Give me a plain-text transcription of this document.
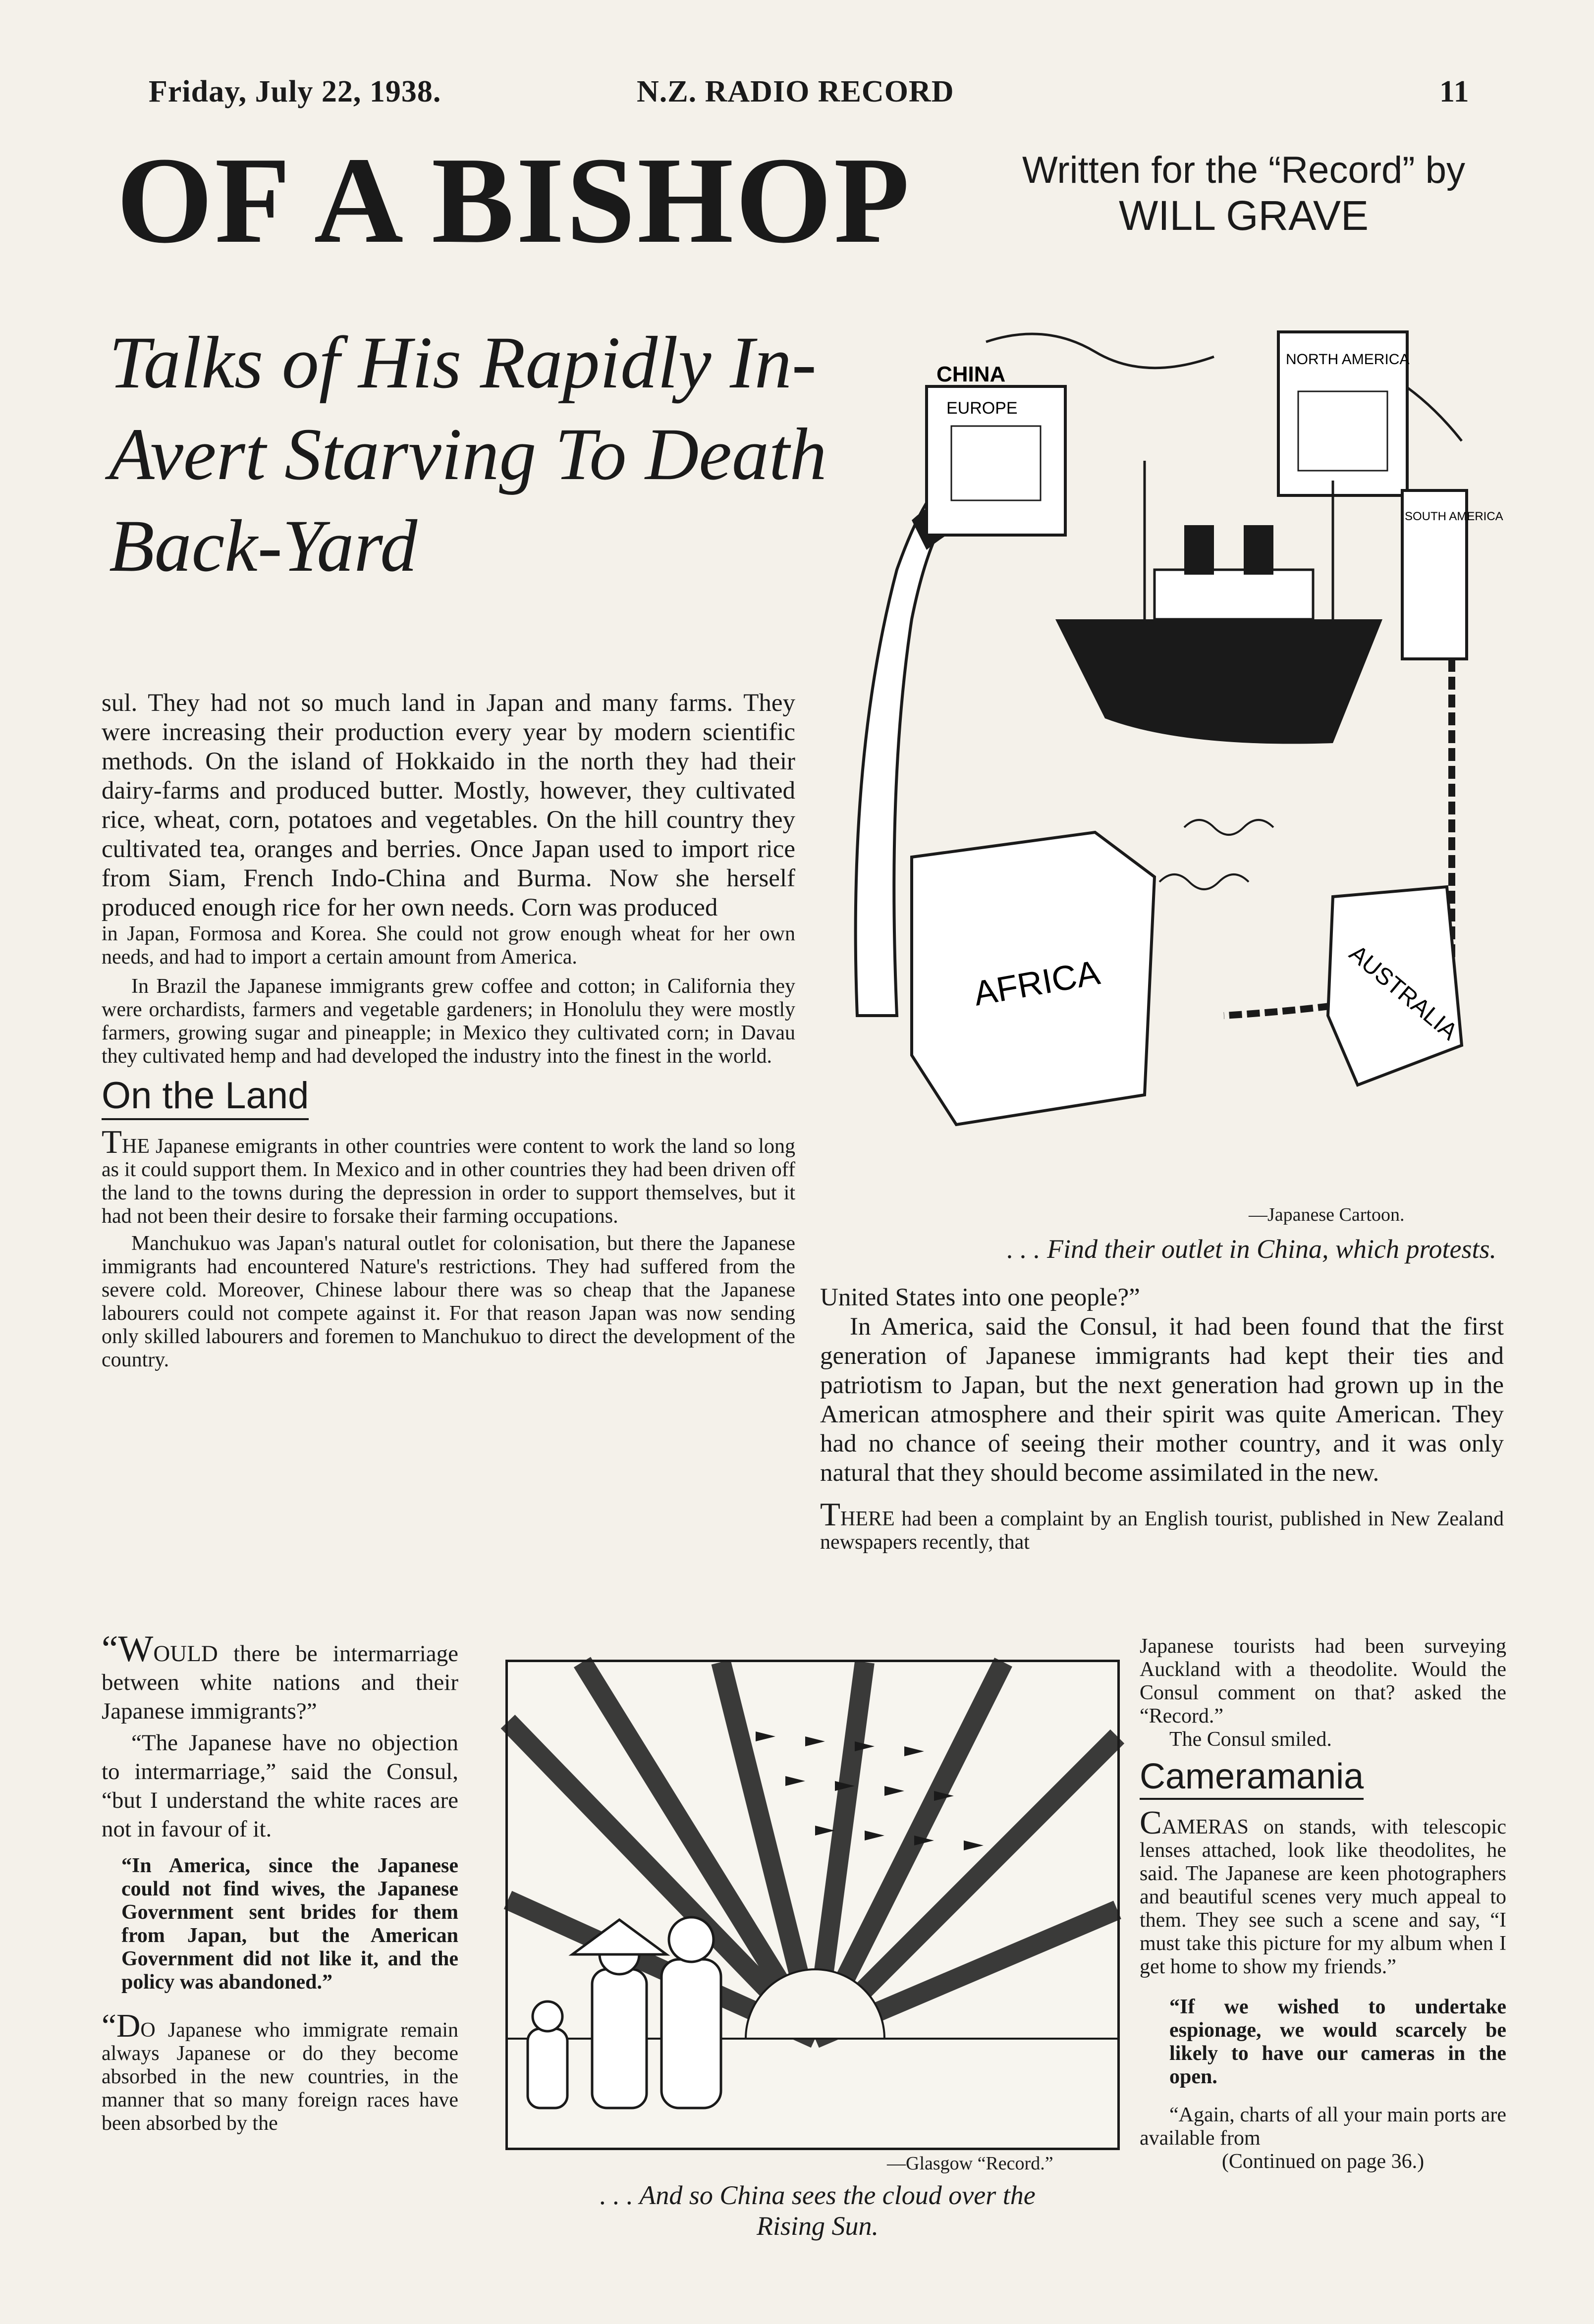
Friday, July 22, 1938.	N.Z. RADIO RECORD	11
OF A BISHOP	Written for the “Record” by
WILL GRAVE
Talks of His Rapidly In-
Avert Starving To Death
Back-Yard
CHINA
EUROPE
NORTH AMERICA
SOUTH AMERICA
AFRICA	AUSTRALIA
—Japanese Cartoon.
. . . Find their outlet in China, which protests.

sul. They had not so much land in Japan and many farms. They were increasing their production every year by modern scientific methods. On the island of Hokkaido in the north they had their dairy-farms and produced butter. Mostly, however, they cultivated rice, wheat, corn, potatoes and vegetables. On the hill country they cultivated tea, oranges and berries. Once Japan used to import rice from Siam, French Indo-China and Burma. Now she herself produced enough rice for her own needs. Corn was produced

in Japan, Formosa and Korea. She could not grow enough wheat for her own needs, and had to import a certain amount from America.

In Brazil the Japanese immigrants grew coffee and cotton; in California they were orchardists, farmers and vegetable gardeners; in Honolulu they were mostly farmers, growing sugar and pineapple; in Mexico they cultivated corn; in Davau they cultivated hemp and had developed the industry into the finest in the world.

On the Land

THE Japanese emigrants in other countries were content to work the land so long as it could support them. In Mexico and in other countries they had been driven off the land to the towns during the depression in order to support themselves, but it had not been their desire to forsake their farming occupations.

Manchukuo was Japan's natural outlet for colonisation, but there the Japanese immigrants had encountered Nature's restrictions. They had suffered from the severe cold. Moreover, Chinese labour there was so cheap that the Japanese labourers could not compete against it. For that reason Japan was now sending only skilled labourers and foremen to Manchukuo to direct the development of the country.

“WOULD there be intermarriage between white nations and their Japanese immigrants?”

“The Japanese have no objection to intermarriage,” said the Consul, “but I understand the white races are not in favour of it.

“In America, since the Japanese could not find wives, the Japanese Government sent brides for them from Japan, but the American Government did not like it, and the policy was abandoned.”

“DO Japanese who immigrate remain always Japanese or do they become absorbed in the new countries, in the manner that so many foreign races have been absorbed by the

—Glasgow “Record.”
. . . And so China sees the cloud over the
Rising Sun.

United States into one people?”

In America, said the Consul, it had been found that the first generation of Japanese immigrants had kept their ties and patriotism to Japan, but the next generation had grown up in the American atmosphere and their spirit was quite American. They had no chance of seeing their mother country, and it was only natural that they should become assimilated in the new.

THERE had been a complaint by an English tourist, published in New Zealand newspapers recently, that

Japanese tourists had been surveying Auckland with a theodolite. Would the Consul comment on that? asked the “Record.”

The Consul smiled.

Cameramania

CAMERAS on stands, with telescopic lenses attached, look like theodolites, he said. The Japanese are keen photographers and beautiful scenes very much appeal to them. They see such a scene and say, “I must take this picture for my album when I get home to show my friends.”

“If we wished to undertake espionage, we would scarcely be likely to have our cameras in the open.

“Again, charts of all your main ports are available from

(Continued on page 36.)
